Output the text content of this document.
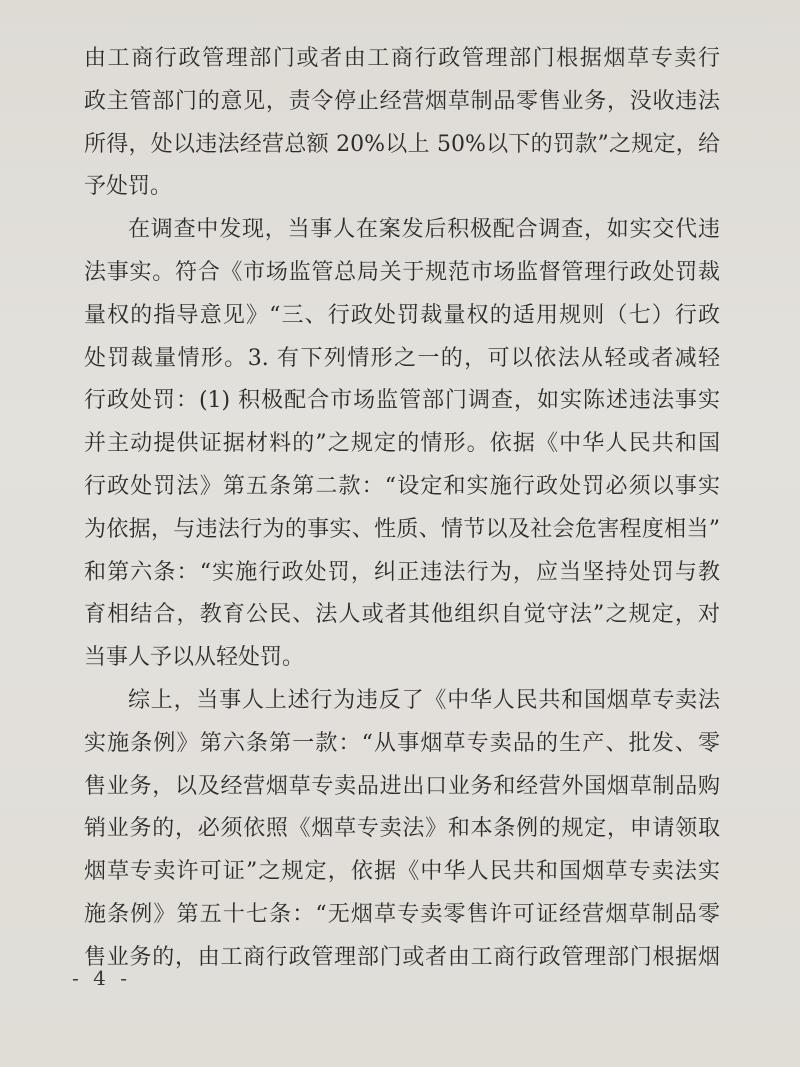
由工商行政管理部门或者由工商行政管理部门根据烟草专卖行
政主管部门的意见，责令停止经营烟草制品零售业务，没收违法
所得，处以违法经营总额 20%以上 50%以下的罚款”之规定，给
予处罚。
在调查中发现，当事人在案发后积极配合调查，如实交代违
法事实。符合《市场监管总局关于规范市场监督管理行政处罚裁
量权的指导意见》“三、行政处罚裁量权的适用规则（七）行政
处罚裁量情形。3. 有下列情形之一的，可以依法从轻或者减轻
行政处罚：(1) 积极配合市场监管部门调查，如实陈述违法事实
并主动提供证据材料的”之规定的情形。依据《中华人民共和国
行政处罚法》第五条第二款：“设定和实施行政处罚必须以事实
为依据，与违法行为的事实、性质、情节以及社会危害程度相当”
和第六条：“实施行政处罚，纠正违法行为，应当坚持处罚与教
育相结合，教育公民、法人或者其他组织自觉守法”之规定，对
当事人予以从轻处罚。
综上，当事人上述行为违反了《中华人民共和国烟草专卖法
实施条例》第六条第一款：“从事烟草专卖品的生产、批发、零
售业务，以及经营烟草专卖品进出口业务和经营外国烟草制品购
销业务的，必须依照《烟草专卖法》和本条例的规定，申请领取
烟草专卖许可证”之规定，依据《中华人民共和国烟草专卖法实
施条例》第五十七条：“无烟草专卖零售许可证经营烟草制品零
售业务的，由工商行政管理部门或者由工商行政管理部门根据烟
- 4 -
